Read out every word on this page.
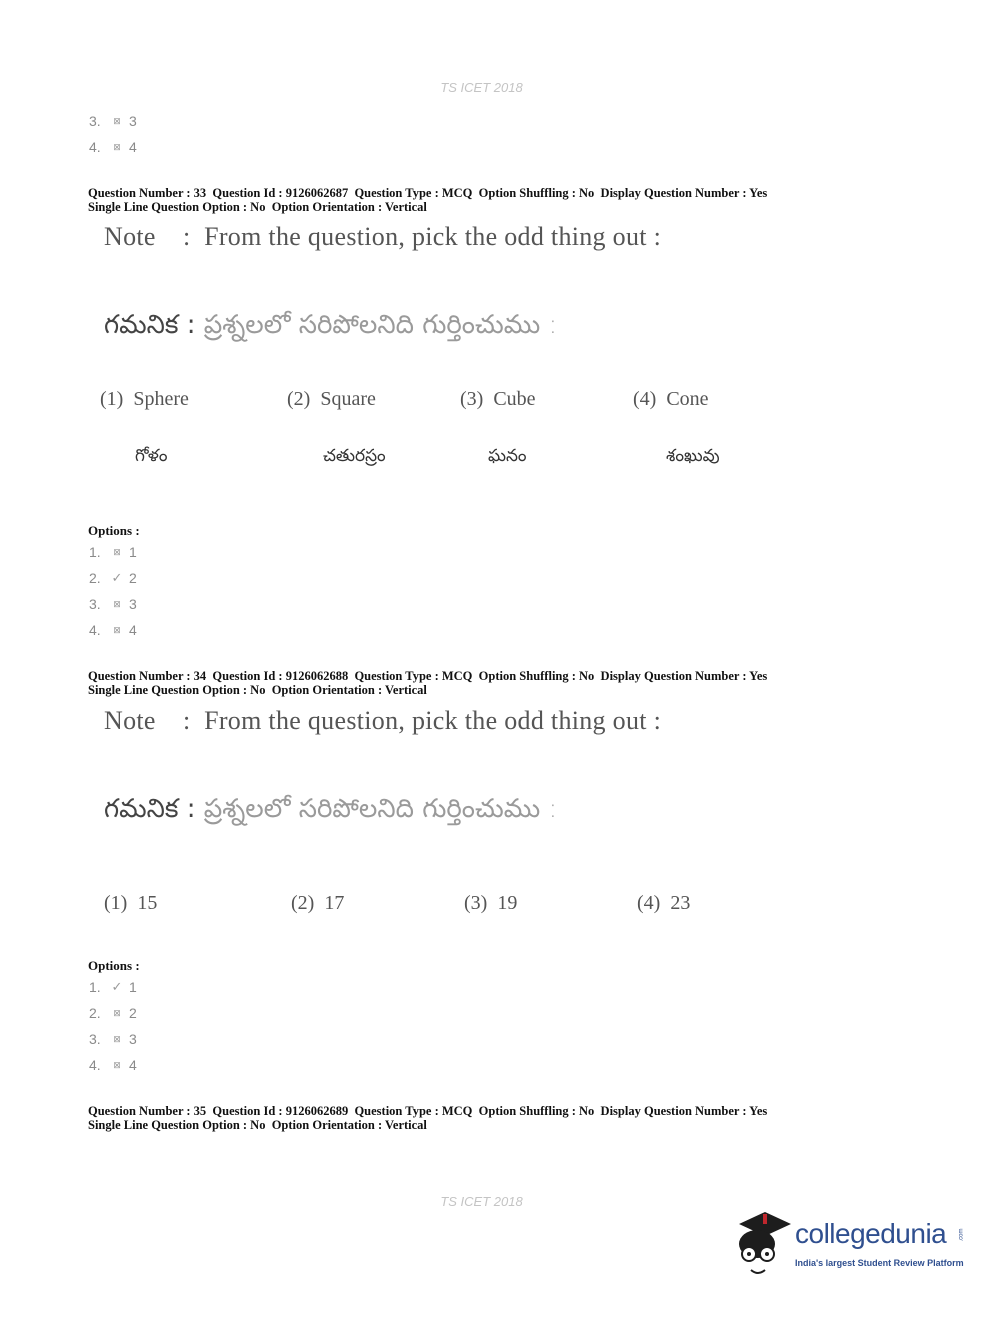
TS ICET 2018
3.	⊠ 3
4.	⊠ 4
Question Number : 33  Question Id : 9126062687  Question Type : MCQ  Option Shuffling : No  Display Question Number : Yes
Single Line Question Option : No  Option Orientation : Vertical
Note :  From the question, pick the odd thing out :
గమనిక : ప్రశ్నలలో సరిపోలనిది గుర్తించుము :
(1)  Sphere	(2)  Square	(3)  Cube	(4)  Cone
గోళం	చతురస్రం	ఘనం	శంఖువు
Options :
1.	⊠ 1
2. ✓ 2
3.	⊠ 3
4.	⊠ 4
Question Number : 34  Question Id : 9126062688  Question Type : MCQ  Option Shuffling : No  Display Question Number : Yes
Single Line Question Option : No  Option Orientation : Vertical
Note :  From the question, pick the odd thing out :
గమనిక : ప్రశ్నలలో సరిపోలనిది గుర్తించుము :
(1)  15	(2)  17	(3)  19	(4)  23
Options :
1. ✓ 1
2.	⊠ 2
3.	⊠ 3
4.	⊠ 4
Question Number : 35  Question Id : 9126062689  Question Type : MCQ  Option Shuffling : No  Display Question Number : Yes
Single Line Question Option : No  Option Orientation : Vertical
TS ICET 2018
collegedunia .com
India's largest Student Review Platform
